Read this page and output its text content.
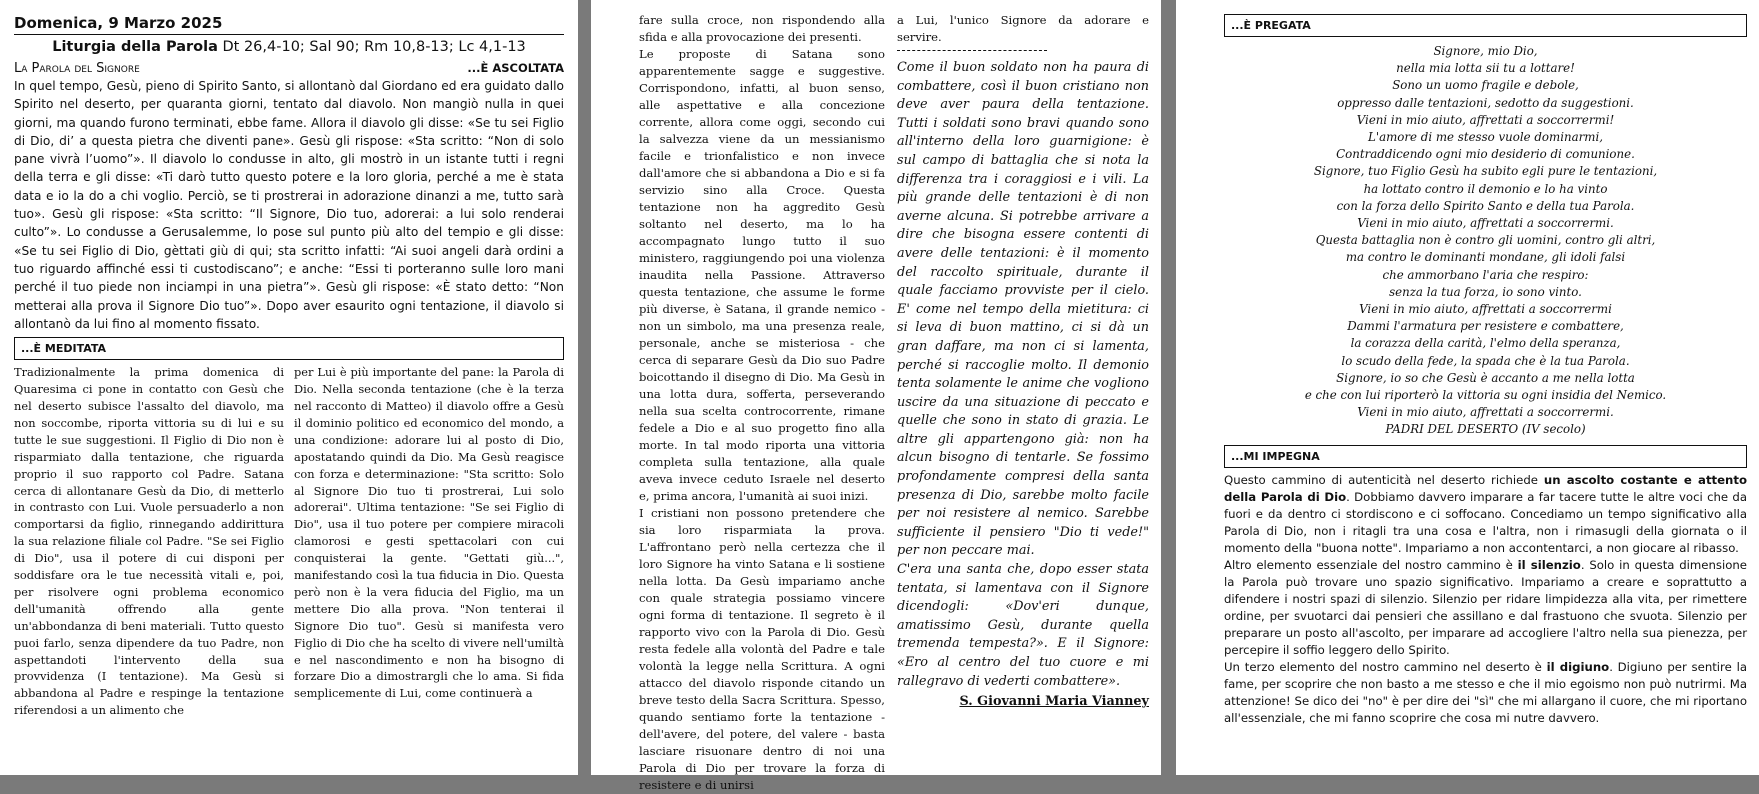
Domenica, 9 Marzo 2025
Liturgia della Parola Dt 26,4-10; Sal 90; Rm 10,8-13; Lc 4,1-13
La Parola del Signore	...È ASCOLTATA
In quel tempo, Gesù, pieno di Spirito Santo, si allontanò dal Giordano ed era guidato dallo Spirito nel deserto, per quaranta giorni, tentato dal diavolo. Non mangiò nulla in quei giorni, ma quando furono terminati, ebbe fame. Allora il diavolo gli disse: «Se tu sei Figlio di Dio, di’ a questa pietra che diventi pane». Gesù gli rispose: «Sta scritto: “Non di solo pane vivrà l’uomo”». Il diavolo lo condusse in alto, gli mostrò in un istante tutti i regni della terra e gli disse: «Ti darò tutto questo potere e la loro gloria, perché a me è stata data e io la do a chi voglio. Perciò, se ti prostrerai in adorazione dinanzi a me, tutto sarà tuo». Gesù gli rispose: «Sta scritto: “Il Signore, Dio tuo, adorerai: a lui solo renderai culto”». Lo condusse a Gerusalemme, lo pose sul punto più alto del tempio e gli disse: «Se tu sei Figlio di Dio, gèttati giù di qui; sta scritto infatti: “Ai suoi angeli darà ordini a tuo riguardo affinché essi ti custodiscano”; e anche: “Essi ti porteranno sulle loro mani perché il tuo piede non inciampi in una pietra”». Gesù gli rispose: «È stato detto: “Non metterai alla prova il Signore Dio tuo”». Dopo aver esaurito ogni tentazione, il diavolo si allontanò da lui fino al momento fissato.
...È MEDITATA
Tradizionalmente la prima domenica di Quaresima ci pone in contatto con Gesù che nel deserto subisce l'assalto del diavolo, ma non soccombe, riporta vittoria su di lui e su tutte le sue suggestioni. Il Figlio di Dio non è risparmiato dalla tentazione, che riguarda proprio il suo rapporto col Padre. Satana cerca di allontanare Gesù da Dio, di metterlo in contrasto con Lui. Vuole persuaderlo a non comportarsi da figlio, rinnegando addirittura la sua relazione filiale col Padre. "Se sei Figlio di Dio", usa il potere di cui disponi per soddisfare ora le tue necessità vitali e, poi, per risolvere ogni problema economico dell'umanità offrendo alla gente un'abbondanza di beni materiali. Tutto questo puoi farlo, senza dipendere da tuo Padre, non aspettandoti l'intervento della sua provvidenza (I tentazione). Ma Gesù si abbandona al Padre e respinge la tentazione riferendosi a un alimento che
per Lui è più importante del pane: la Parola di Dio. Nella seconda tentazione (che è la terza nel racconto di Matteo) il diavolo offre a Gesù il dominio politico ed economico del mondo, a una condizione: adorare lui al posto di Dio, apostatando quindi da Dio. Ma Gesù reagisce con forza e determinazione: "Sta scritto: Solo al Signore Dio tuo ti prostrerai, Lui solo adorerai". Ultima tentazione: "Se sei Figlio di Dio", usa il tuo potere per compiere miracoli clamorosi e gesti spettacolari con cui conquisterai la gente. "Gettati giù...", manifestando così la tua fiducia in Dio. Questa però non è la vera fiducia del Figlio, ma un mettere Dio alla prova. "Non tenterai il Signore Dio tuo". Gesù si manifesta vero Figlio di Dio che ha scelto di vivere nell'umiltà e nel nascondimento e non ha bisogno di forzare Dio a dimostrargli che lo ama. Si fida semplicemente di Lui, come continuerà a

fare sulla croce, non rispondendo alla sfida e alla provocazione dei presenti.

Le proposte di Satana sono apparentemente sagge e suggestive. Corrispondono, infatti, al buon senso, alle aspettative e alla concezione corrente, allora come oggi, secondo cui la salvezza viene da un messianismo facile e trionfalistico e non invece dall'amore che si abbandona a Dio e si fa servizio sino alla Croce. Questa tentazione non ha aggredito Gesù soltanto nel deserto, ma lo ha accompagnato lungo tutto il suo ministero, raggiungendo poi una violenza inaudita nella Passione. Attraverso questa tentazione, che assume le forme più diverse, è Satana, il grande nemico - non un simbolo, ma una presenza reale, personale, anche se misteriosa - che cerca di separare Gesù da Dio suo Padre boicottando il disegno di Dio. Ma Gesù in una lotta dura, sofferta, perseverando nella sua scelta controcorrente, rimane fedele a Dio e al suo progetto fino alla morte. In tal modo riporta una vittoria completa sulla tentazione, alla quale aveva invece ceduto Israele nel deserto e, prima ancora, l'umanità ai suoi inizi.

I cristiani non possono pretendere che sia loro risparmiata la prova. L'affrontano però nella certezza che il loro Signore ha vinto Satana e li sostiene nella lotta. Da Gesù impariamo anche con quale strategia possiamo vincere ogni forma di tentazione. Il segreto è il rapporto vivo con la Parola di Dio. Gesù resta fedele alla volontà del Padre e tale volontà la legge nella Scrittura. A ogni attacco del diavolo risponde citando un breve testo della Sacra Scrittura. Spesso, quando sentiamo forte la tentazione - dell'avere, del potere, del valere - basta lasciare risuonare dentro di noi una Parola di Dio per trovare la forza di resistere e di unirsi

a Lui, l'unico Signore da adorare e servire.

Come il buon soldato non ha paura di combattere, così il buon cristiano non deve aver paura della tentazione. Tutti i soldati sono bravi quando sono all'interno della loro guarnigione: è sul campo di battaglia che si nota la differenza tra i coraggiosi e i vili. La più grande delle tentazioni è di non averne alcuna. Si potrebbe arrivare a dire che bisogna essere contenti di avere delle tentazioni: è il momento del raccolto spirituale, durante il quale facciamo provviste per il cielo. E' come nel tempo della mietitura: ci si leva di buon mattino, ci si dà un gran daffare, ma non ci si lamenta, perché si raccoglie molto. Il demonio tenta solamente le anime che vogliono uscire da una situazione di peccato e quelle che sono in stato di grazia. Le altre gli appartengono già: non ha alcun bisogno di tentarle. Se fossimo profondamente compresi della santa presenza di Dio, sarebbe molto facile per noi resistere al nemico. Sarebbe sufficiente il pensiero "Dio ti vede!" per non peccare mai.

C'era una santa che, dopo esser stata tentata, si lamentava con il Signore dicendogli: «Dov'eri dunque, amatissimo Gesù, durante quella tremenda tempesta?». E il Signore: «Ero al centro del tuo cuore e mi rallegravo di vederti combattere».

S. Giovanni Maria Vianney
...È PREGATA
Signore, mio Dio,
nella mia lotta sii tu a lottare!
Sono un uomo fragile e debole,
oppresso dalle tentazioni, sedotto da suggestioni.
Vieni in mio aiuto, affrettati a soccorrermi!
L'amore di me stesso vuole dominarmi,
Contraddicendo ogni mio desiderio di comunione.
Signore, tuo Figlio Gesù ha subito egli pure le tentazioni,
ha lottato contro il demonio e lo ha vinto
con la forza dello Spirito Santo e della tua Parola.
Vieni in mio aiuto, affrettati a soccorrermi.
Questa battaglia non è contro gli uomini, contro gli altri,
ma contro le dominanti mondane, gli idoli falsi
che ammorbano l'aria che respiro:
senza la tua forza, io sono vinto.
Vieni in mio aiuto, affrettati a soccorrermi
Dammi l'armatura per resistere e combattere,
la corazza della carità, l'elmo della speranza,
lo scudo della fede, la spada che è la tua Parola.
Signore, io so che Gesù è accanto a me nella lotta
e che con lui riporterò la vittoria su ogni insidia del Nemico.
Vieni in mio aiuto, affrettati a soccorrermi.
PADRI DEL DESERTO (IV secolo)
...MI IMPEGNA

Questo cammino di autenticità nel deserto richiede un ascolto costante e attento della Parola di Dio. Dobbiamo davvero imparare a far tacere tutte le altre voci che da fuori e da dentro ci stordiscono e ci soffocano. Concediamo un tempo significativo alla Parola di Dio, non i ritagli tra una cosa e l'altra, non i rimasugli della giornata o il momento della "buona notte". Impariamo a non accontentarci, a non giocare al ribasso.

Altro elemento essenziale del nostro cammino è il silenzio. Solo in questa dimensione la Parola può trovare uno spazio significativo. Impariamo a creare e soprattutto a difendere i nostri spazi di silenzio. Silenzio per ridare limpidezza alla vita, per rimettere ordine, per svuotarci dai pensieri che assillano e dal frastuono che svuota. Silenzio per preparare un posto all'ascolto, per imparare ad accogliere l'altro nella sua pienezza, per percepire il soffio leggero dello Spirito.

Un terzo elemento del nostro cammino nel deserto è il digiuno. Digiuno per sentire la fame, per scoprire che non basto a me stesso e che il mio egoismo non può nutrirmi. Ma attenzione! Se dico dei "no" è per dire dei "sì" che mi allargano il cuore, che mi riportano all'essenziale, che mi fanno scoprire che cosa mi nutre davvero.
